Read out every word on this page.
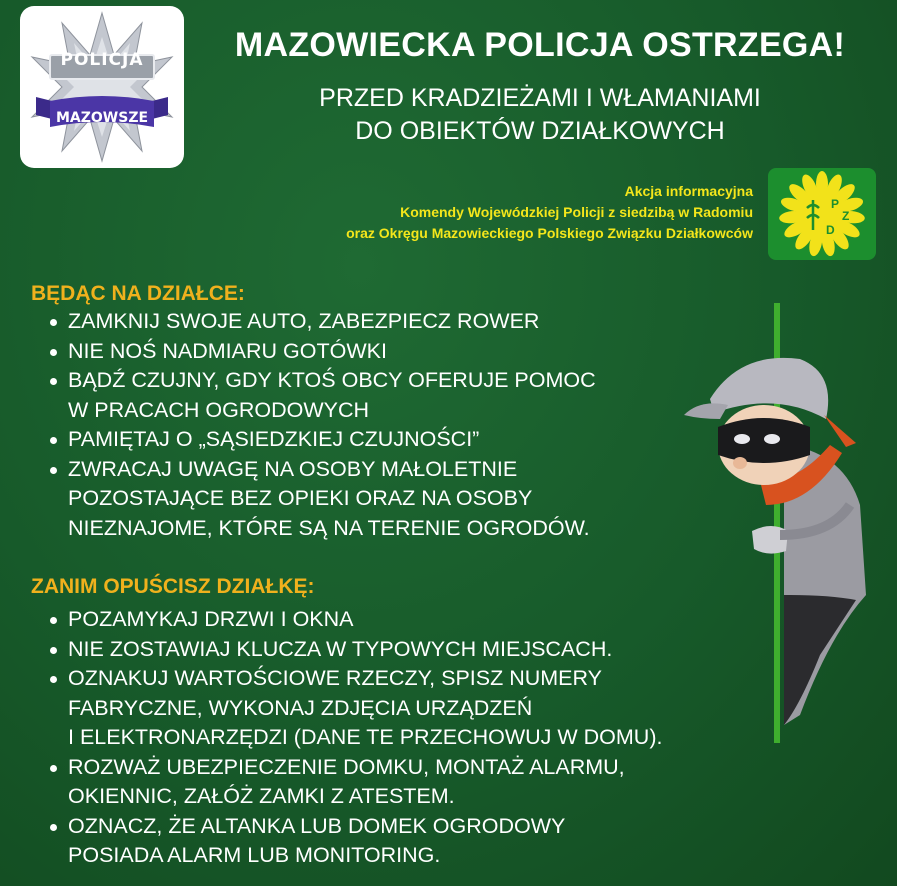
POLICJA
MAZOWSZE
MAZOWIECKA POLICJA OSTRZEGA!
PRZED KRADZIEŻAMI I WŁAMANIAMI
DO OBIEKTÓW DZIAŁKOWYCH
Akcja informacyjna
Komendy Wojewódzkiej Policji z siedzibą w Radomiu
oraz Okręgu Mazowieckiego Polskiego Związku Działkowców
P
Z
D
BĘDĄC NA DZIAŁCE:
ZAMKNIJ SWOJE AUTO, ZABEZPIECZ ROWER
NIE NOŚ NADMIARU GOTÓWKI
BĄDŹ CZUJNY, GDY KTOŚ OBCY OFERUJE POMOC
W PRACACH OGRODOWYCH
PAMIĘTAJ O „SĄSIEDZKIEJ CZUJNOŚCI”
ZWRACAJ UWAGĘ NA OSOBY MAŁOLETNIE
POZOSTAJĄCE BEZ OPIEKI ORAZ NA OSOBY
NIEZNAJOME, KTÓRE SĄ NA TERENIE OGRODÓW.
ZANIM OPUŚCISZ DZIAŁKĘ:
POZAMYKAJ DRZWI I OKNA
NIE ZOSTAWIAJ KLUCZA W TYPOWYCH MIEJSCACH.
OZNAKUJ WARTOŚCIOWE RZECZY, SPISZ NUMERY
FABRYCZNE, WYKONAJ ZDJĘCIA URZĄDZEŃ
I ELEKTRONARZĘDZI (DANE TE PRZECHOWUJ W DOMU).
ROZWAŻ UBEZPIECZENIE DOMKU, MONTAŻ ALARMU,
OKIENNIC, ZAŁÓŻ ZAMKI Z ATESTEM.
OZNACZ, ŻE ALTANKA LUB DOMEK OGRODOWY
POSIADA ALARM LUB MONITORING.
